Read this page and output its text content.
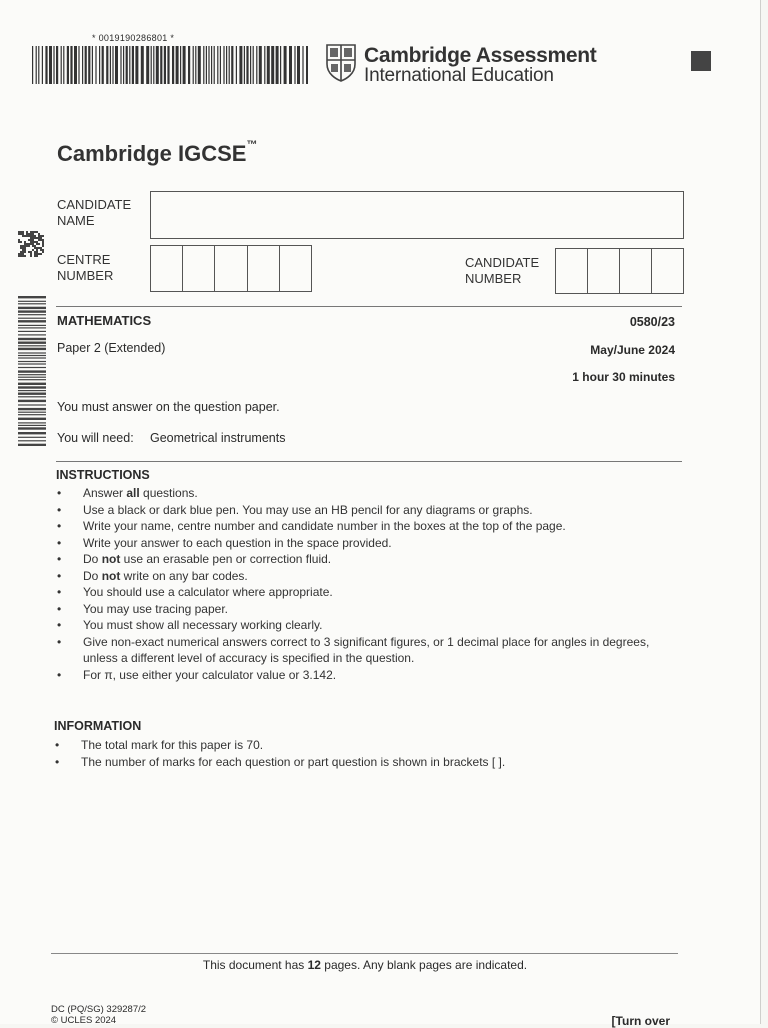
* 0019190286801 *
Cambridge Assessment
International Education
Cambridge IGCSE™
CANDIDATE
NAME
CENTRE
NUMBER
CANDIDATE
NUMBER
MATHEMATICS	0580/23
Paper 2 (Extended)	May/June 2024
1 hour 30 minutes
You must answer on the question paper.
You will need: Geometrical instruments
INSTRUCTIONS
• Answer all questions.
• Use a black or dark blue pen. You may use an HB pencil for any diagrams or graphs.
• Write your name, centre number and candidate number in the boxes at the top of the page.
• Write your answer to each question in the space provided.
• Do not use an erasable pen or correction fluid.
• Do not write on any bar codes.
• You should use a calculator where appropriate.
• You may use tracing paper.
• You must show all necessary working clearly.
• Give non-exact numerical answers correct to 3 significant figures, or 1 decimal place for angles in degrees, unless a different level of accuracy is specified in the question.
• For π, use either your calculator value or 3.142.
INFORMATION
• The total mark for this paper is 70.
• The number of marks for each question or part question is shown in brackets [ ].
This document has 12 pages. Any blank pages are indicated.
DC (PQ/SG) 329287/2
© UCLES 2024	[Turn over
